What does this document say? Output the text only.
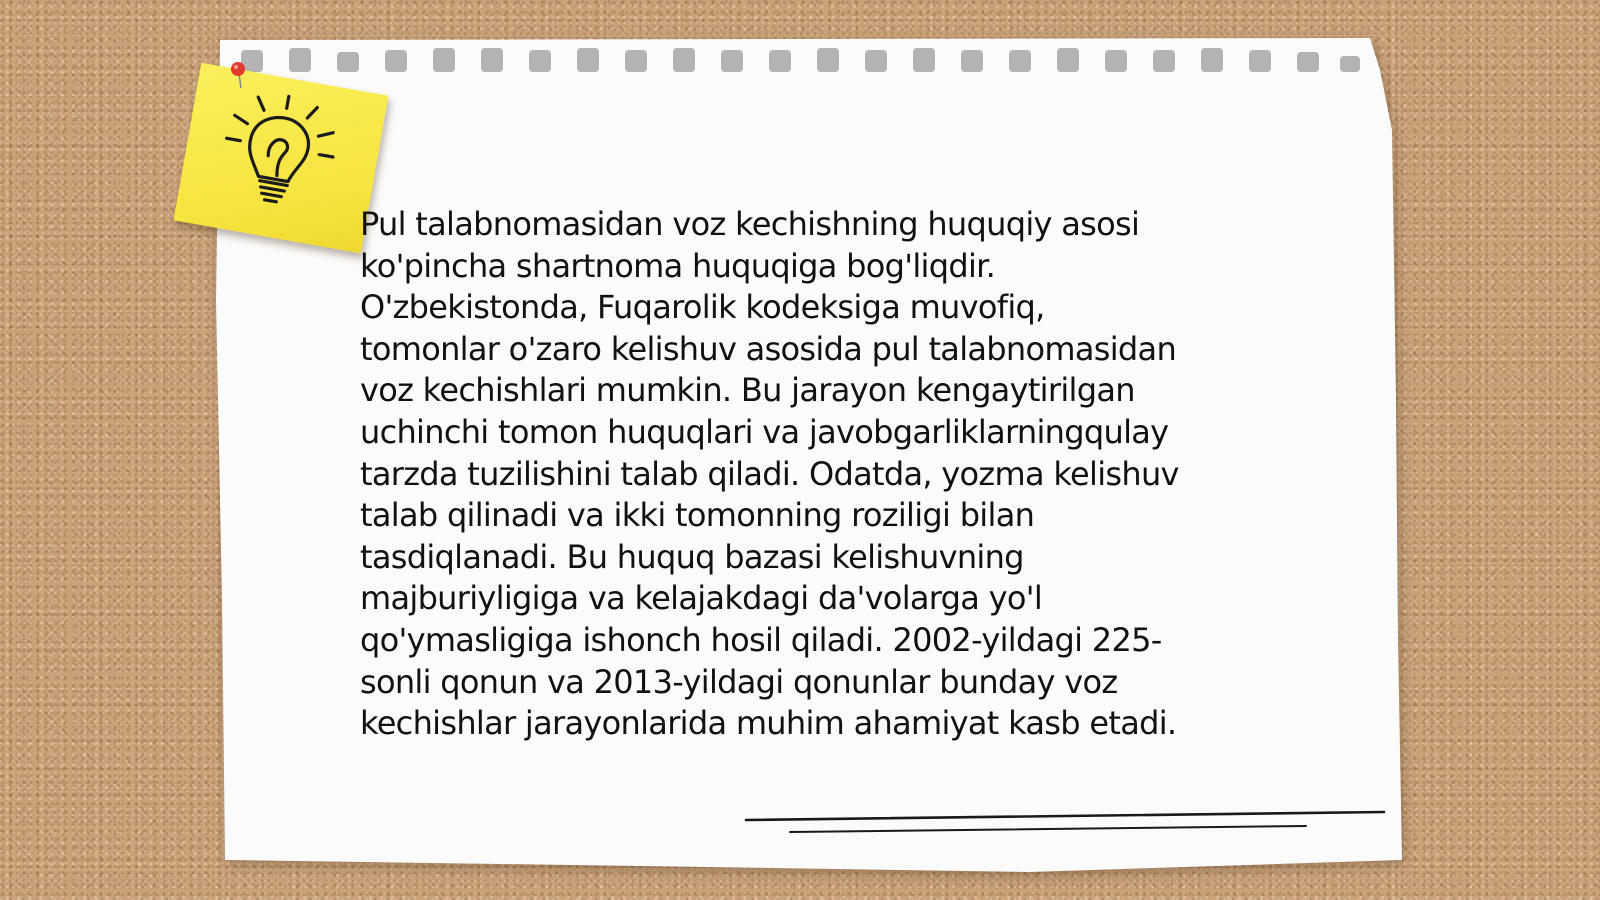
Pul talabnomasidan voz kechishning huquqiy asosi
ko'pincha shartnoma huquqiga bog'liqdir.
O'zbekistonda, Fuqarolik kodeksiga muvofiq,
tomonlar o'zaro kelishuv asosida pul talabnomasidan
voz kechishlari mumkin. Bu jarayon kengaytirilgan
uchinchi tomon huquqlari va javobgarliklarningqulay
tarzda tuzilishini talab qiladi. Odatda, yozma kelishuv
talab qilinadi va ikki tomonning roziligi bilan
tasdiqlanadi. Bu huquq bazasi kelishuvning
majburiyligiga va kelajakdagi da'volarga yo'l
qo'ymasligiga ishonch hosil qiladi. 2002-yildagi 225-
sonli qonun va 2013-yildagi qonunlar bunday voz
kechishlar jarayonlarida muhim ahamiyat kasb etadi.
